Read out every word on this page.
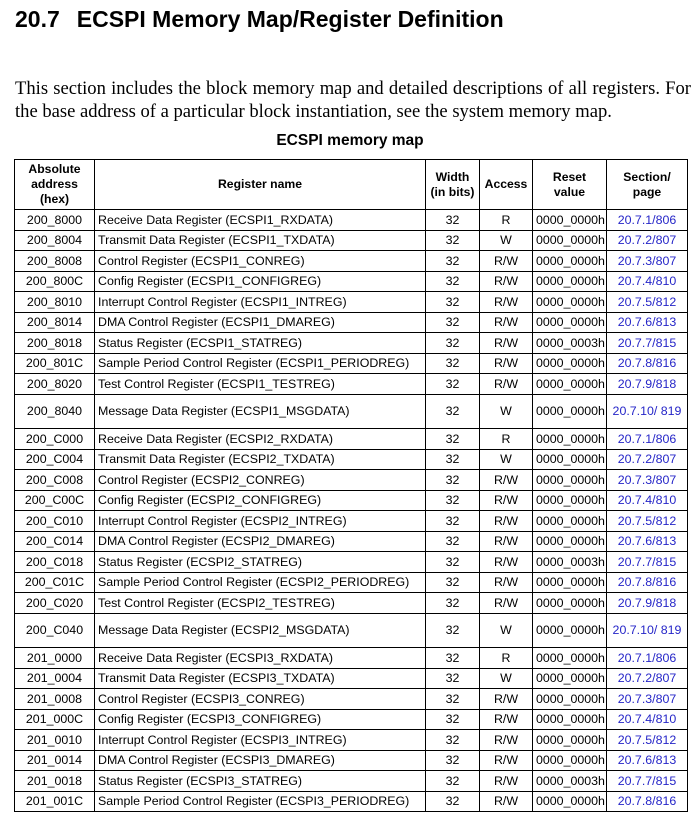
20.7 ECSPI Memory Map/Register Definition

This section includes the block memory map and detailed descriptions of all registers. For the base address of a particular block instantiation, see the system memory map.

ECSPI memory map
Absolute address (hex)	Register name	Width (in bits)	Access	Reset value	Section/ page
200_8000	Receive Data Register (ECSPI1_RXDATA)	32	R	0000_0000h	20.7.1/806
200_8004	Transmit Data Register (ECSPI1_TXDATA)	32	W	0000_0000h	20.7.2/807
200_8008	Control Register (ECSPI1_CONREG)	32	R/W	0000_0000h	20.7.3/807
200_800C	Config Register (ECSPI1_CONFIGREG)	32	R/W	0000_0000h	20.7.4/810
200_8010	Interrupt Control Register (ECSPI1_INTREG)	32	R/W	0000_0000h	20.7.5/812
200_8014	DMA Control Register (ECSPI1_DMAREG)	32	R/W	0000_0000h	20.7.6/813
200_8018	Status Register (ECSPI1_STATREG)	32	R/W	0000_0003h	20.7.7/815
200_801C	Sample Period Control Register (ECSPI1_PERIODREG)	32	R/W	0000_0000h	20.7.8/816
200_8020	Test Control Register (ECSPI1_TESTREG)	32	R/W	0000_0000h	20.7.9/818
200_8040	Message Data Register (ECSPI1_MSGDATA)	32	W	0000_0000h	20.7.10/ 819
200_C000	Receive Data Register (ECSPI2_RXDATA)	32	R	0000_0000h	20.7.1/806
200_C004	Transmit Data Register (ECSPI2_TXDATA)	32	W	0000_0000h	20.7.2/807
200_C008	Control Register (ECSPI2_CONREG)	32	R/W	0000_0000h	20.7.3/807
200_C00C	Config Register (ECSPI2_CONFIGREG)	32	R/W	0000_0000h	20.7.4/810
200_C010	Interrupt Control Register (ECSPI2_INTREG)	32	R/W	0000_0000h	20.7.5/812
200_C014	DMA Control Register (ECSPI2_DMAREG)	32	R/W	0000_0000h	20.7.6/813
200_C018	Status Register (ECSPI2_STATREG)	32	R/W	0000_0003h	20.7.7/815
200_C01C	Sample Period Control Register (ECSPI2_PERIODREG)	32	R/W	0000_0000h	20.7.8/816
200_C020	Test Control Register (ECSPI2_TESTREG)	32	R/W	0000_0000h	20.7.9/818
200_C040	Message Data Register (ECSPI2_MSGDATA)	32	W	0000_0000h	20.7.10/ 819
201_0000	Receive Data Register (ECSPI3_RXDATA)	32	R	0000_0000h	20.7.1/806
201_0004	Transmit Data Register (ECSPI3_TXDATA)	32	W	0000_0000h	20.7.2/807
201_0008	Control Register (ECSPI3_CONREG)	32	R/W	0000_0000h	20.7.3/807
201_000C	Config Register (ECSPI3_CONFIGREG)	32	R/W	0000_0000h	20.7.4/810
201_0010	Interrupt Control Register (ECSPI3_INTREG)	32	R/W	0000_0000h	20.7.5/812
201_0014	DMA Control Register (ECSPI3_DMAREG)	32	R/W	0000_0000h	20.7.6/813
201_0018	Status Register (ECSPI3_STATREG)	32	R/W	0000_0003h	20.7.7/815
201_001C	Sample Period Control Register (ECSPI3_PERIODREG)	32	R/W	0000_0000h	20.7.8/816
